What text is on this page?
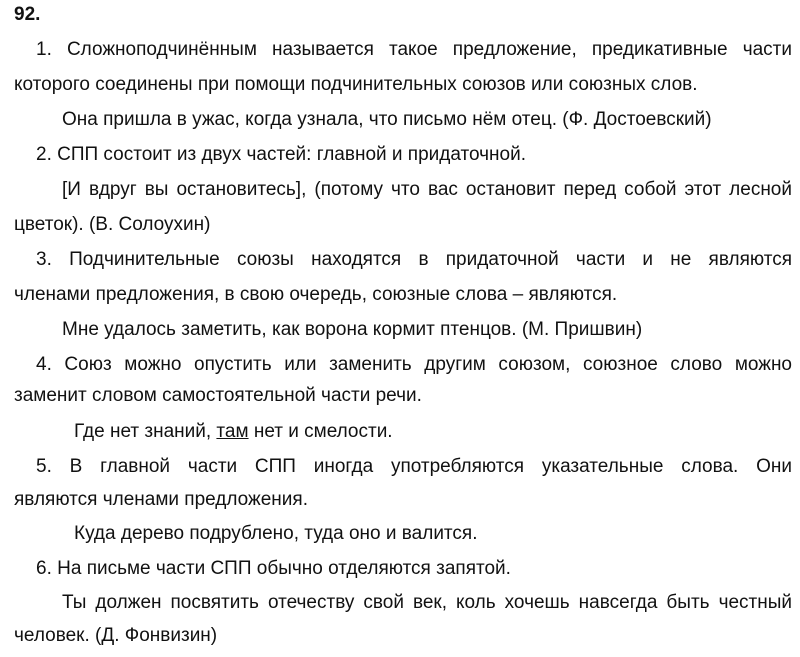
92.
1. Сложноподчинённым называется такое предложение, предикативные части
которого соединены при помощи подчинительных союзов или союзных слов.
Она пришла в ужас, когда узнала, что письмо нём отец. (Ф. Достоевский)
2. СПП состоит из двух частей: главной и придаточной.
[И вдруг вы остановитесь], (потому что вас остановит перед собой этот лесной
цветок). (В. Солоухин)
3. Подчинительные союзы находятся в придаточной части и не являются
членами предложения, в свою очередь, союзные слова – являются.
Мне удалось заметить, как ворона кормит птенцов. (М. Пришвин)
4. Союз можно опустить или заменить другим союзом, союзное слово можно
заменит словом самостоятельной части речи.
Где нет знаний, там нет и смелости.
5. В главной части СПП иногда употребляются указательные слова. Они
являются членами предложения.
Куда дерево подрублено, туда оно и валится.
6. На письме части СПП обычно отделяются запятой.
Ты должен посвятить отечеству свой век, коль хочешь навсегда быть честный
человек. (Д. Фонвизин)
